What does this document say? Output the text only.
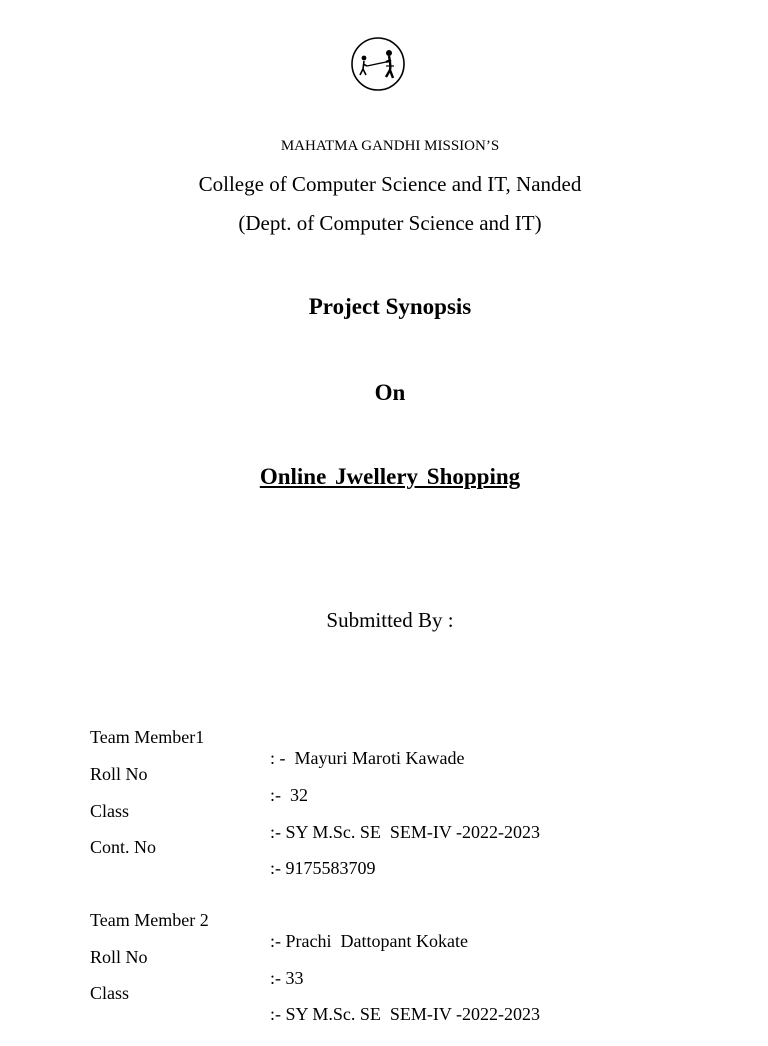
MAHATMA GANDHI MISSION’S
College of Computer Science and IT, Nanded
(Dept. of Computer Science and IT)
Project Synopsis
On
Online Jwellery Shopping
Submitted By :

Team Member1

: -  Mayuri Maroti Kawade

Roll No

:-  32

Class

:- SY M.Sc. SE  SEM-IV -2022-2023

Cont. No

:- 9175583709

Team Member 2

:- Prachi  Dattopant Kokate

Roll No

:- 33

Class

:- SY M.Sc. SE  SEM-IV -2022-2023
